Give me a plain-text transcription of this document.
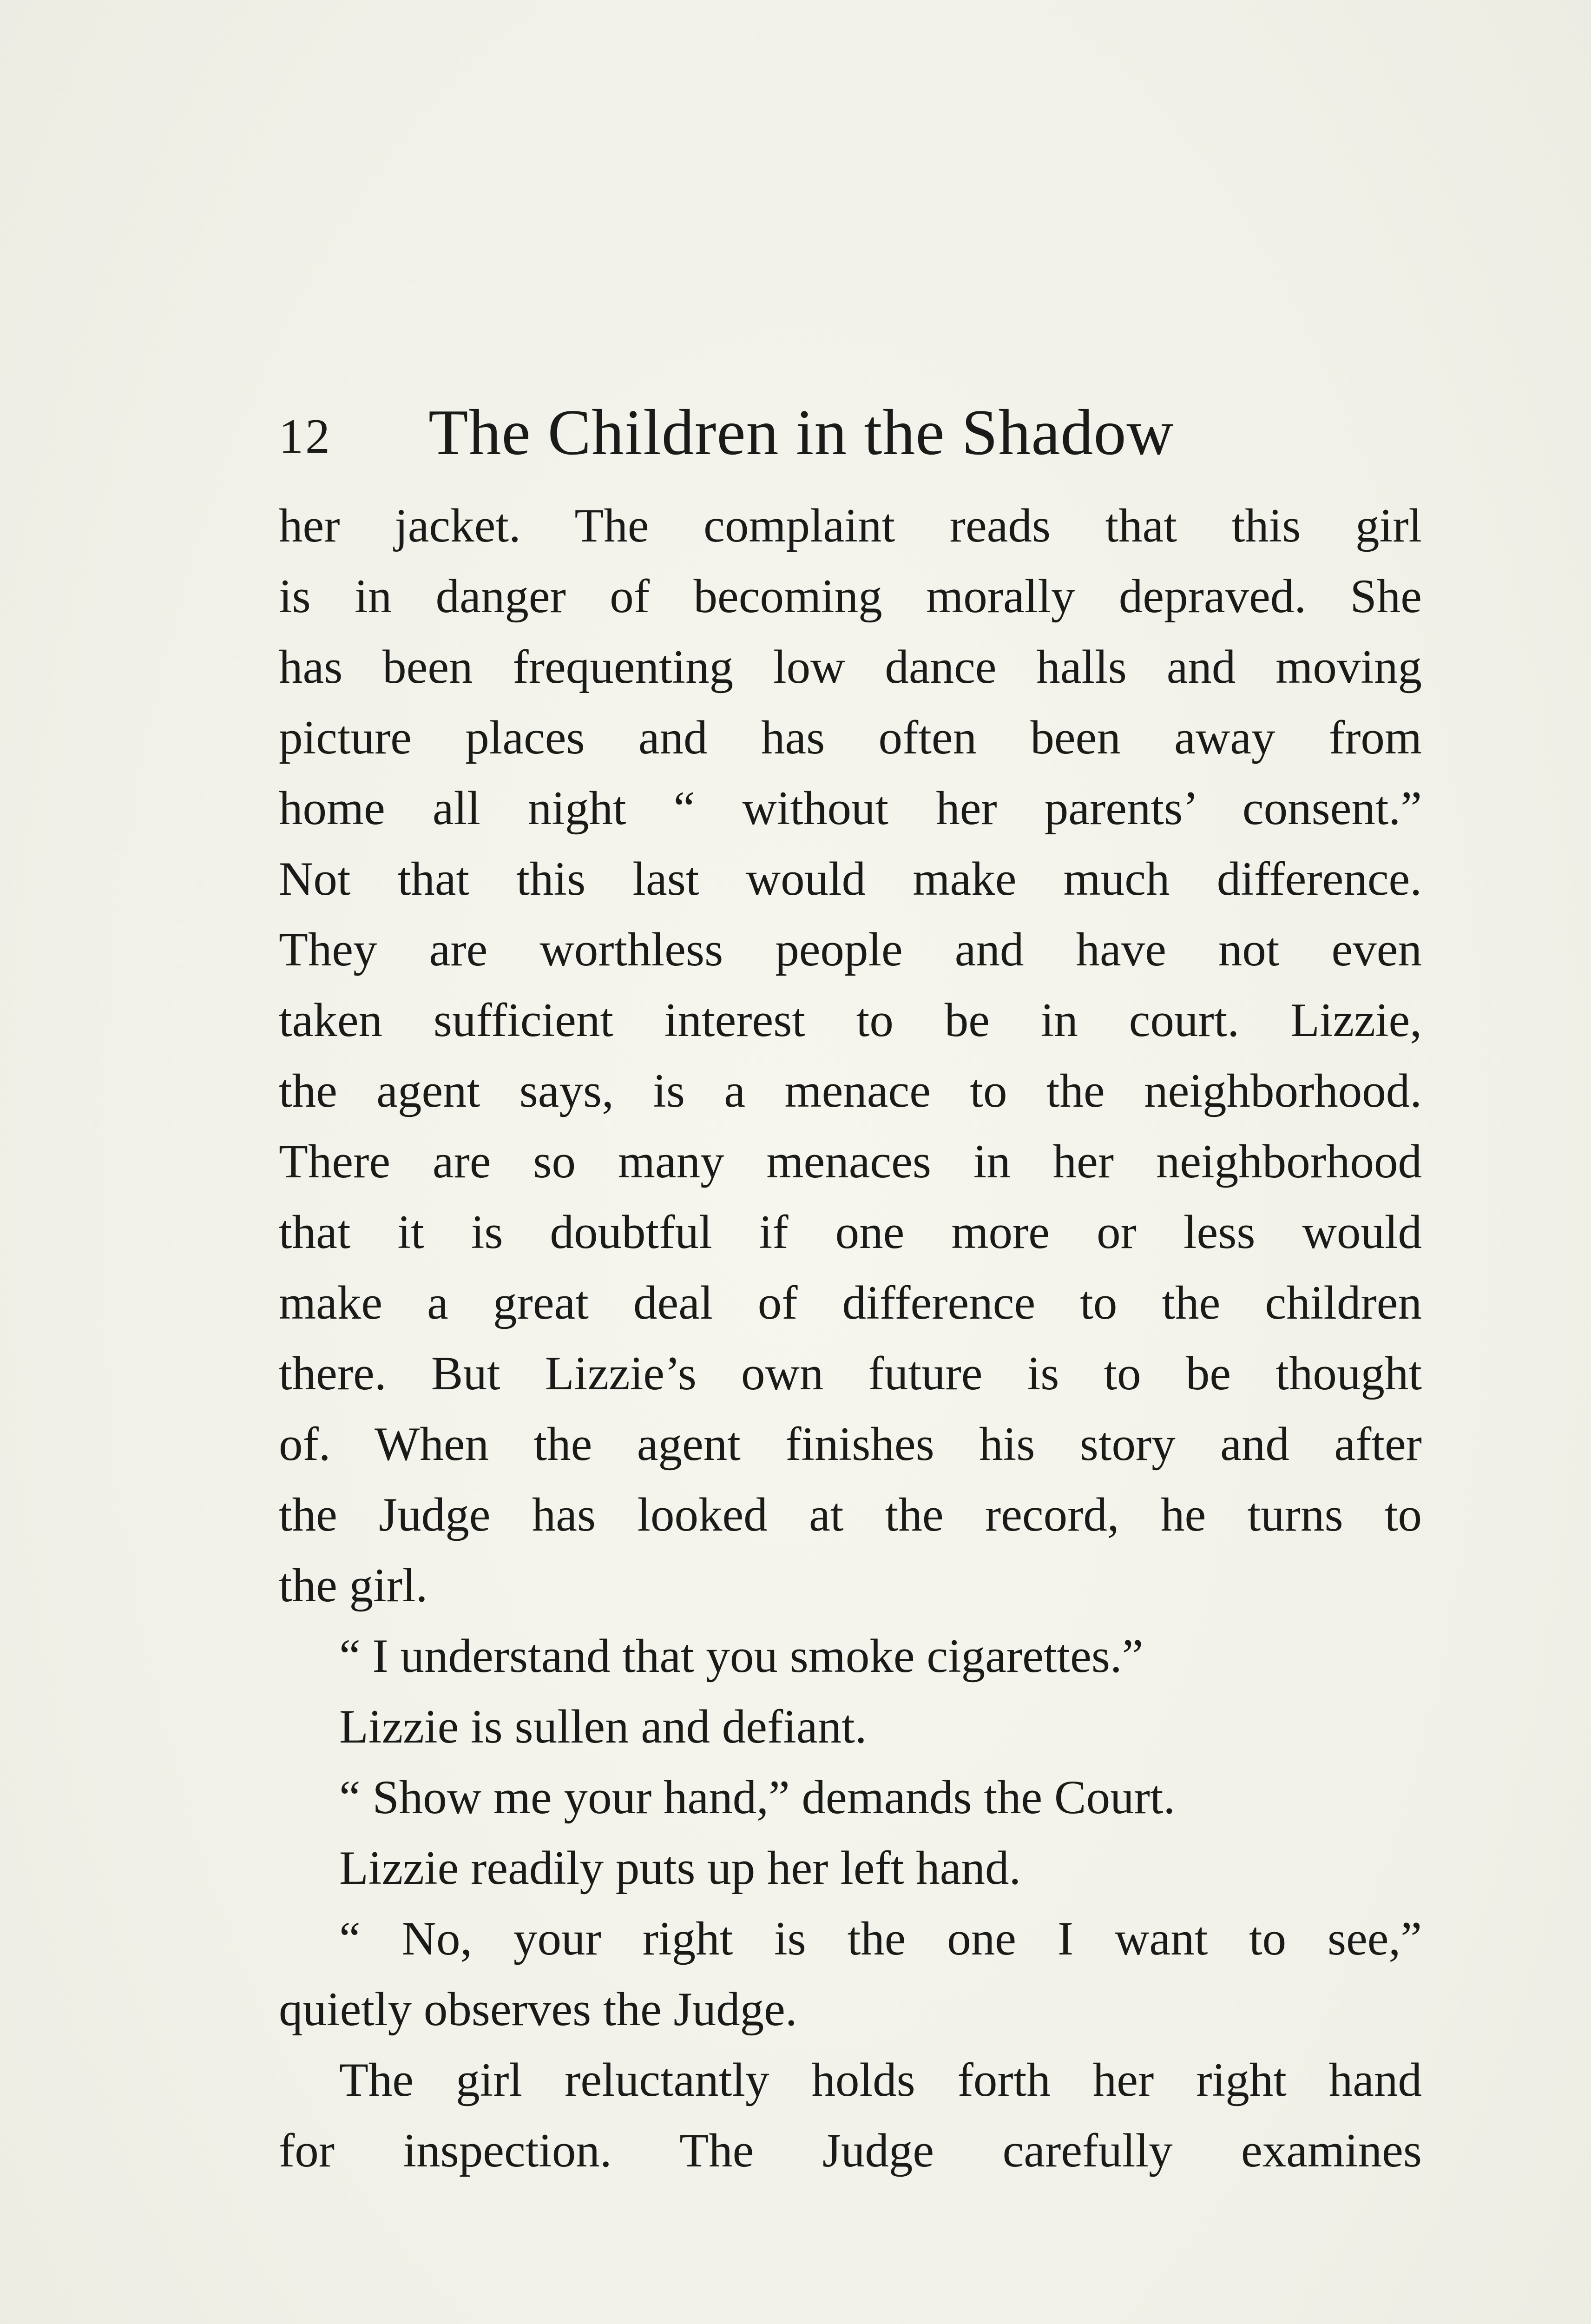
12 The Children in the Shadow
her jacket. The complaint reads that this girl
is in danger of becoming morally depraved. She
has been frequenting low dance halls and moving
picture places and has often been away from
home all night “ without her parents’ consent.”
Not that this last would make much difference.
They are worthless people and have not even
taken sufficient interest to be in court. Lizzie,
the agent says, is a menace to the neighborhood.
There are so many menaces in her neighborhood
that it is doubtful if one more or less would
make a great deal of difference to the children
there. But Lizzie’s own future is to be thought
of. When the agent finishes his story and after
the Judge has looked at the record, he turns to
the girl.
“ I understand that you smoke cigarettes.”
Lizzie is sullen and defiant.
“ Show me your hand,” demands the Court.
Lizzie readily puts up her left hand.
“ No, your right is the one I want to see,”
quietly observes the Judge.
The girl reluctantly holds forth her right hand
for inspection. The Judge carefully examines
